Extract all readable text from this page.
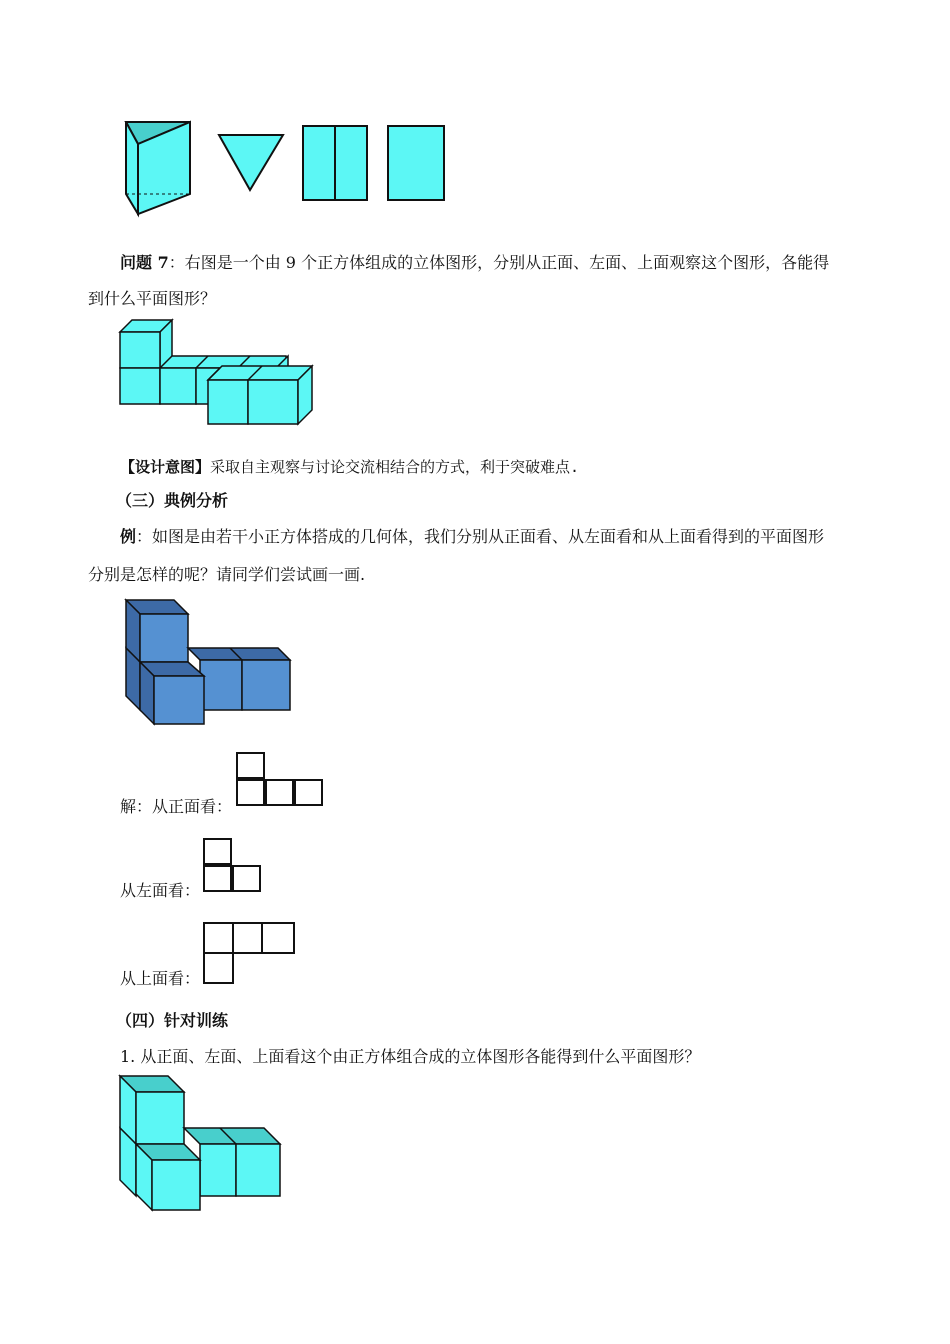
问题 7：右图是一个由 9 个正方体组成的立体图形，分别从正面、左面、上面观察这个图形，各能得
到什么平面图形？
【设计意图】采取自主观察与讨论交流相结合的方式，利于突破难点.
（三）典例分析
例：如图是由若干小正方体搭成的几何体，我们分别从正面看、从左面看和从上面看得到的平面图形
分别是怎样的呢？请同学们尝试画一画.
解：从正面看：
从左面看：
从上面看：
（四）针对训练
1. 从正面、左面、上面看这个由正方体组合成的立体图形各能得到什么平面图形？
